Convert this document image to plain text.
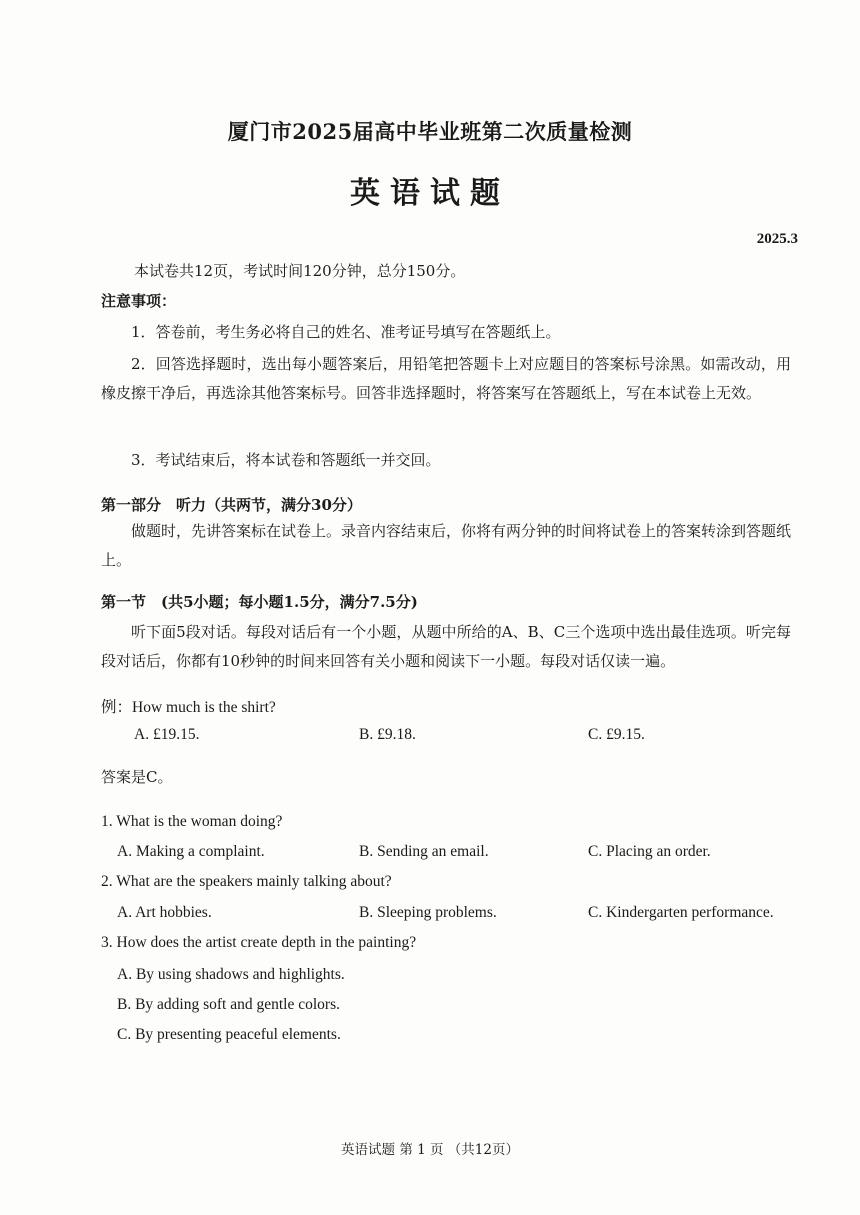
厦门市2025届高中毕业班第二次质量检测
英语试题
2025.3
本试卷共12页，考试时间120分钟，总分150分。
注意事项：
1．答卷前，考生务必将自己的姓名、准考证号填写在答题纸上。
2．回答选择题时，选出每小题答案后，用铅笔把答题卡上对应题目的答案标号涂黑。如需改动，用橡皮擦干净后，再选涂其他答案标号。回答非选择题时，将答案写在答题纸上，写在本试卷上无效。
3．考试结束后，将本试卷和答题纸一并交回。
第一部分　听力（共两节，满分30分）
做题时，先讲答案标在试卷上。录音内容结束后，你将有两分钟的时间将试卷上的答案转涂到答题纸上。
第一节　(共5小题；每小题1.5分，满分7.5分)
听下面5段对话。每段对话后有一个小题，从题中所给的A、B、C三个选项中选出最佳选项。听完每段对话后，你都有10秒钟的时间来回答有关小题和阅读下一小题。每段对话仅读一遍。
例：How much is the shirt?
A. £19.15.	B. £9.18.	C. £9.15.
答案是C。
1. What is the woman doing?
A. Making a complaint.	B. Sending an email.	C. Placing an order.
2. What are the speakers mainly talking about?
A. Art hobbies.	B. Sleeping problems.	C. Kindergarten performance.
3. How does the artist create depth in the painting?
A. By using shadows and highlights.
B. By adding soft and gentle colors.
C. By presenting peaceful elements.
英语试题 第 1 页 （共12页）
